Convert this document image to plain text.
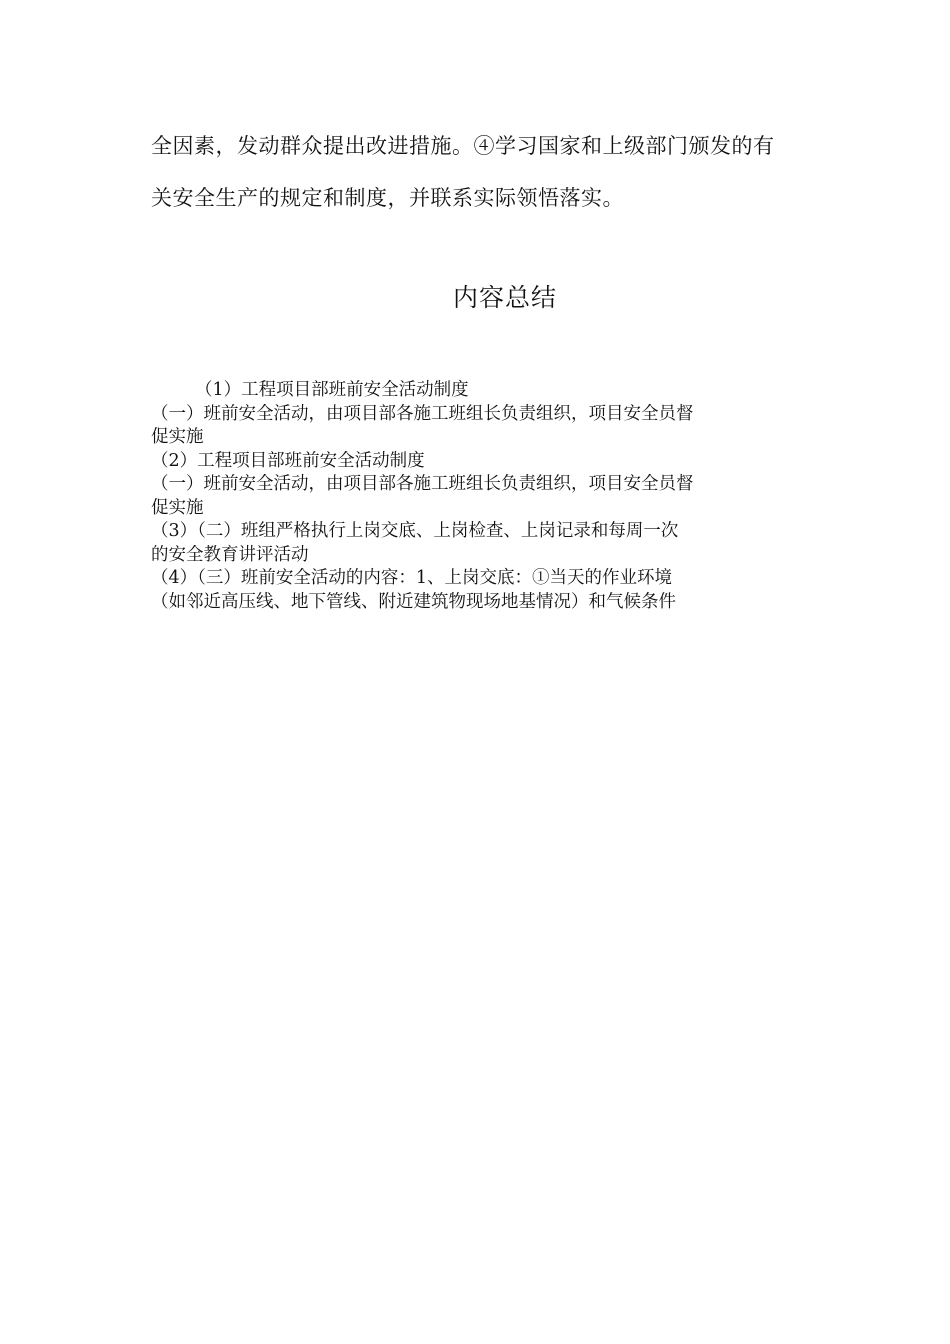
全因素，发动群众提出改进措施。④学习国家和上级部门颁发的有

关安全生产的规定和制度，并联系实际领悟落实。

内容总结

（1）工程项目部班前安全活动制度

（一）班前安全活动，由项目部各施工班组长负责组织，项目安全员督

促实施

（2）工程项目部班前安全活动制度

（一）班前安全活动，由项目部各施工班组长负责组织，项目安全员督

促实施

（3）（二）班组严格执行上岗交底、上岗检查、上岗记录和每周一次

的安全教育讲评活动

（4）（三）班前安全活动的内容：1、上岗交底：①当天的作业环境

（如邻近高压线、地下管线、附近建筑物现场地基情况）和气候条件
